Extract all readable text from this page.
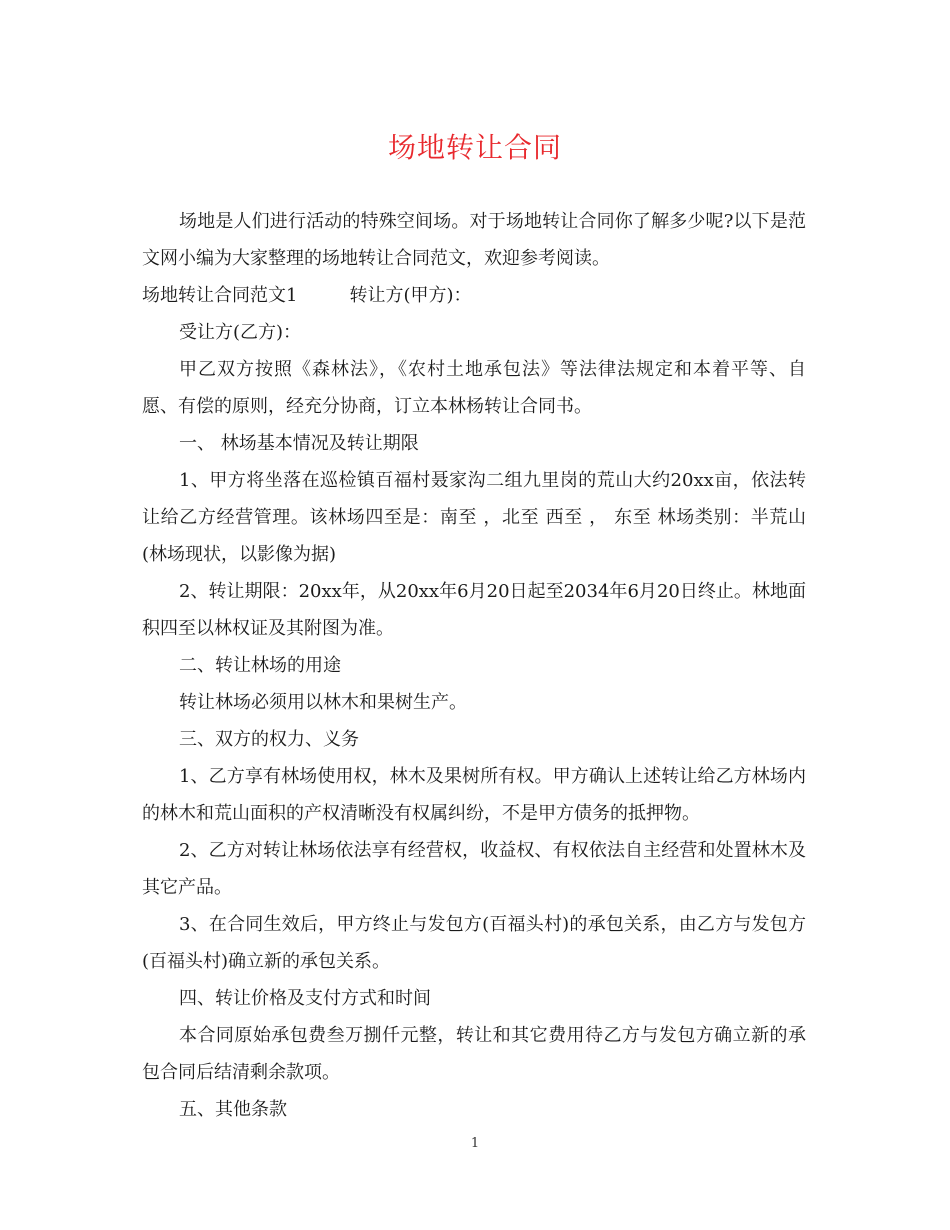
场地转让合同

场地是人们进行活动的特殊空间场。对于场地转让合同你了解多少呢?以下是范文网小编为大家整理的场地转让合同范文，欢迎参考阅读。

场地转让合同范文1	转让方(甲方)：

受让方(乙方)：

甲乙双方按照《森林法》，《农村土地承包法》等法律法规定和本着平等、自愿、有偿的原则，经充分协商，订立本林杨转让合同书。

一、 林场基本情况及转让期限

1、甲方将坐落在巡检镇百福村聂家沟二组九里岗的荒山大约20xx亩，依法转让给乙方经营管理。该林场四至是：南至 ，北至 西至 ， 东至 林场类别：半荒山(林场现状，以影像为据)

2、转让期限：20xx年，从20xx年6月20日起至2034年6月20日终止。林地面积四至以林权证及其附图为准。

二、转让林场的用途

转让林场必须用以林木和果树生产。

三、双方的权力、义务

1、乙方享有林场使用权，林木及果树所有权。甲方确认上述转让给乙方林场内的林木和荒山面积的产权清晰没有权属纠纷，不是甲方债务的抵押物。

2、乙方对转让林场依法享有经营权，收益权、有权依法自主经营和处置林木及其它产品。

3、在合同生效后，甲方终止与发包方(百福头村)的承包关系，由乙方与发包方(百福头村)确立新的承包关系。

四、转让价格及支付方式和时间

本合同原始承包费叁万捌仟元整，转让和其它费用待乙方与发包方确立新的承包合同后结清剩余款项。

五、其他条款

1
